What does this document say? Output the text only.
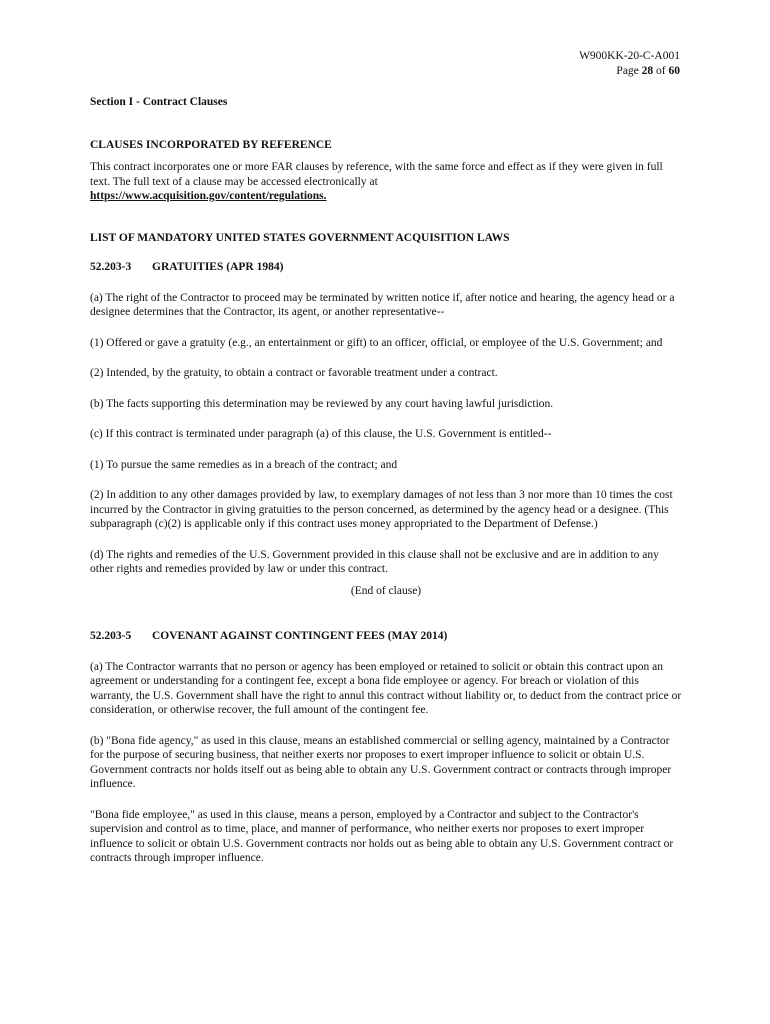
W900KK-20-C-A001
Page 28 of 60

Section I - Contract Clauses

CLAUSES INCORPORATED BY REFERENCE

This contract incorporates one or more FAR clauses by reference, with the same force and effect as if they were given in full text. The full text of a clause may be accessed electronically at
https://www.acquisition.gov/content/regulations.

LIST OF MANDATORY UNITED STATES GOVERNMENT ACQUISITION LAWS

52.203-3	GRATUITIES (APR 1984)

(a) The right of the Contractor to proceed may be terminated by written notice if, after notice and hearing, the agency head or a designee determines that the Contractor, its agent, or another representative--

(1) Offered or gave a gratuity (e.g., an entertainment or gift) to an officer, official, or employee of the U.S. Government; and

(2) Intended, by the gratuity, to obtain a contract or favorable treatment under a contract.

(b) The facts supporting this determination may be reviewed by any court having lawful jurisdiction.

(c) If this contract is terminated under paragraph (a) of this clause, the U.S. Government is entitled--

(1) To pursue the same remedies as in a breach of the contract; and

(2) In addition to any other damages provided by law, to exemplary damages of not less than 3 nor more than 10 times the cost incurred by the Contractor in giving gratuities to the person concerned, as determined by the agency head or a designee. (This subparagraph (c)(2) is applicable only if this contract uses money appropriated to the Department of Defense.)

(d) The rights and remedies of the U.S. Government provided in this clause shall not be exclusive and are in addition to any other rights and remedies provided by law or under this contract.

(End of clause)

52.203-5	COVENANT AGAINST CONTINGENT FEES (MAY 2014)

(a) The Contractor warrants that no person or agency has been employed or retained to solicit or obtain this contract upon an agreement or understanding for a contingent fee, except a bona fide employee or agency. For breach or violation of this warranty, the U.S. Government shall have the right to annul this contract without liability or, to deduct from the contract price or consideration, or otherwise recover, the full amount of the contingent fee.

(b) "Bona fide agency," as used in this clause, means an established commercial or selling agency, maintained by a Contractor for the purpose of securing business, that neither exerts nor proposes to exert improper influence to solicit or obtain U.S. Government contracts nor holds itself out as being able to obtain any U.S. Government contract or contracts through improper influence.

"Bona fide employee," as used in this clause, means a person, employed by a Contractor and subject to the Contractor's supervision and control as to time, place, and manner of performance, who neither exerts nor proposes to exert improper influence to solicit or obtain U.S. Government contracts nor holds out as being able to obtain any U.S. Government contract or contracts through improper influence.
